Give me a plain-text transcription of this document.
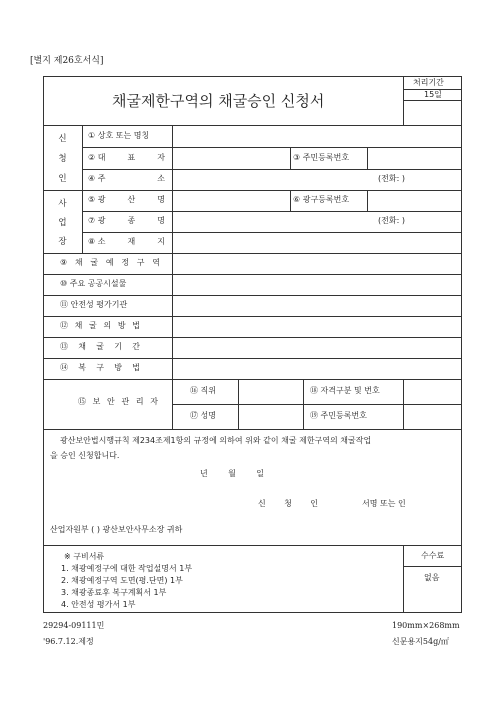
[별지 제26호서식]
채굴제한구역의 채굴승인 신청서
처리기간
15일
신
청
인
① 상호 또는 명칭
② 대	표	자	③ 주민등록번호
④ 주	소	(전화: )
사
업
장
⑤ 광	산	명	⑥ 광구등록번호
⑦ 광	종	명	(전화: )
⑧ 소	재	지
⑨ 채 굴 예 정 구 역
⑩ 주요 공공시설물
⑪ 안전성 평가기관
⑫ 채 굴 의 방 법
⑬ 채 굴 기 간
⑭ 복 구 방 법
⑮ 보 안 관 리 자
⑯ 직위	⑱ 자격구분 및 번호
⑰ 성명	⑲ 주민등록번호
광산보안법시행규칙 제234조제1항의 규정에 의하여 위와 같이 채굴 제한구역의 채굴작업
을 승인 신청합니다.
년	월	일
신 청 인	서명 또는 인
산업자원부 ( ) 광산보안사무소장 귀하
※ 구비서류
1. 채광예정구에 대한 작업설명서 1부
2. 채광예정구역 도면(평.단면) 1부
3. 채광종료후 복구계획서 1부
4. 안전성 평가서 1부
수수료
없음
29294-09111민
'96.7.12.제정
190mm×268mm
신문용지54g/㎡
